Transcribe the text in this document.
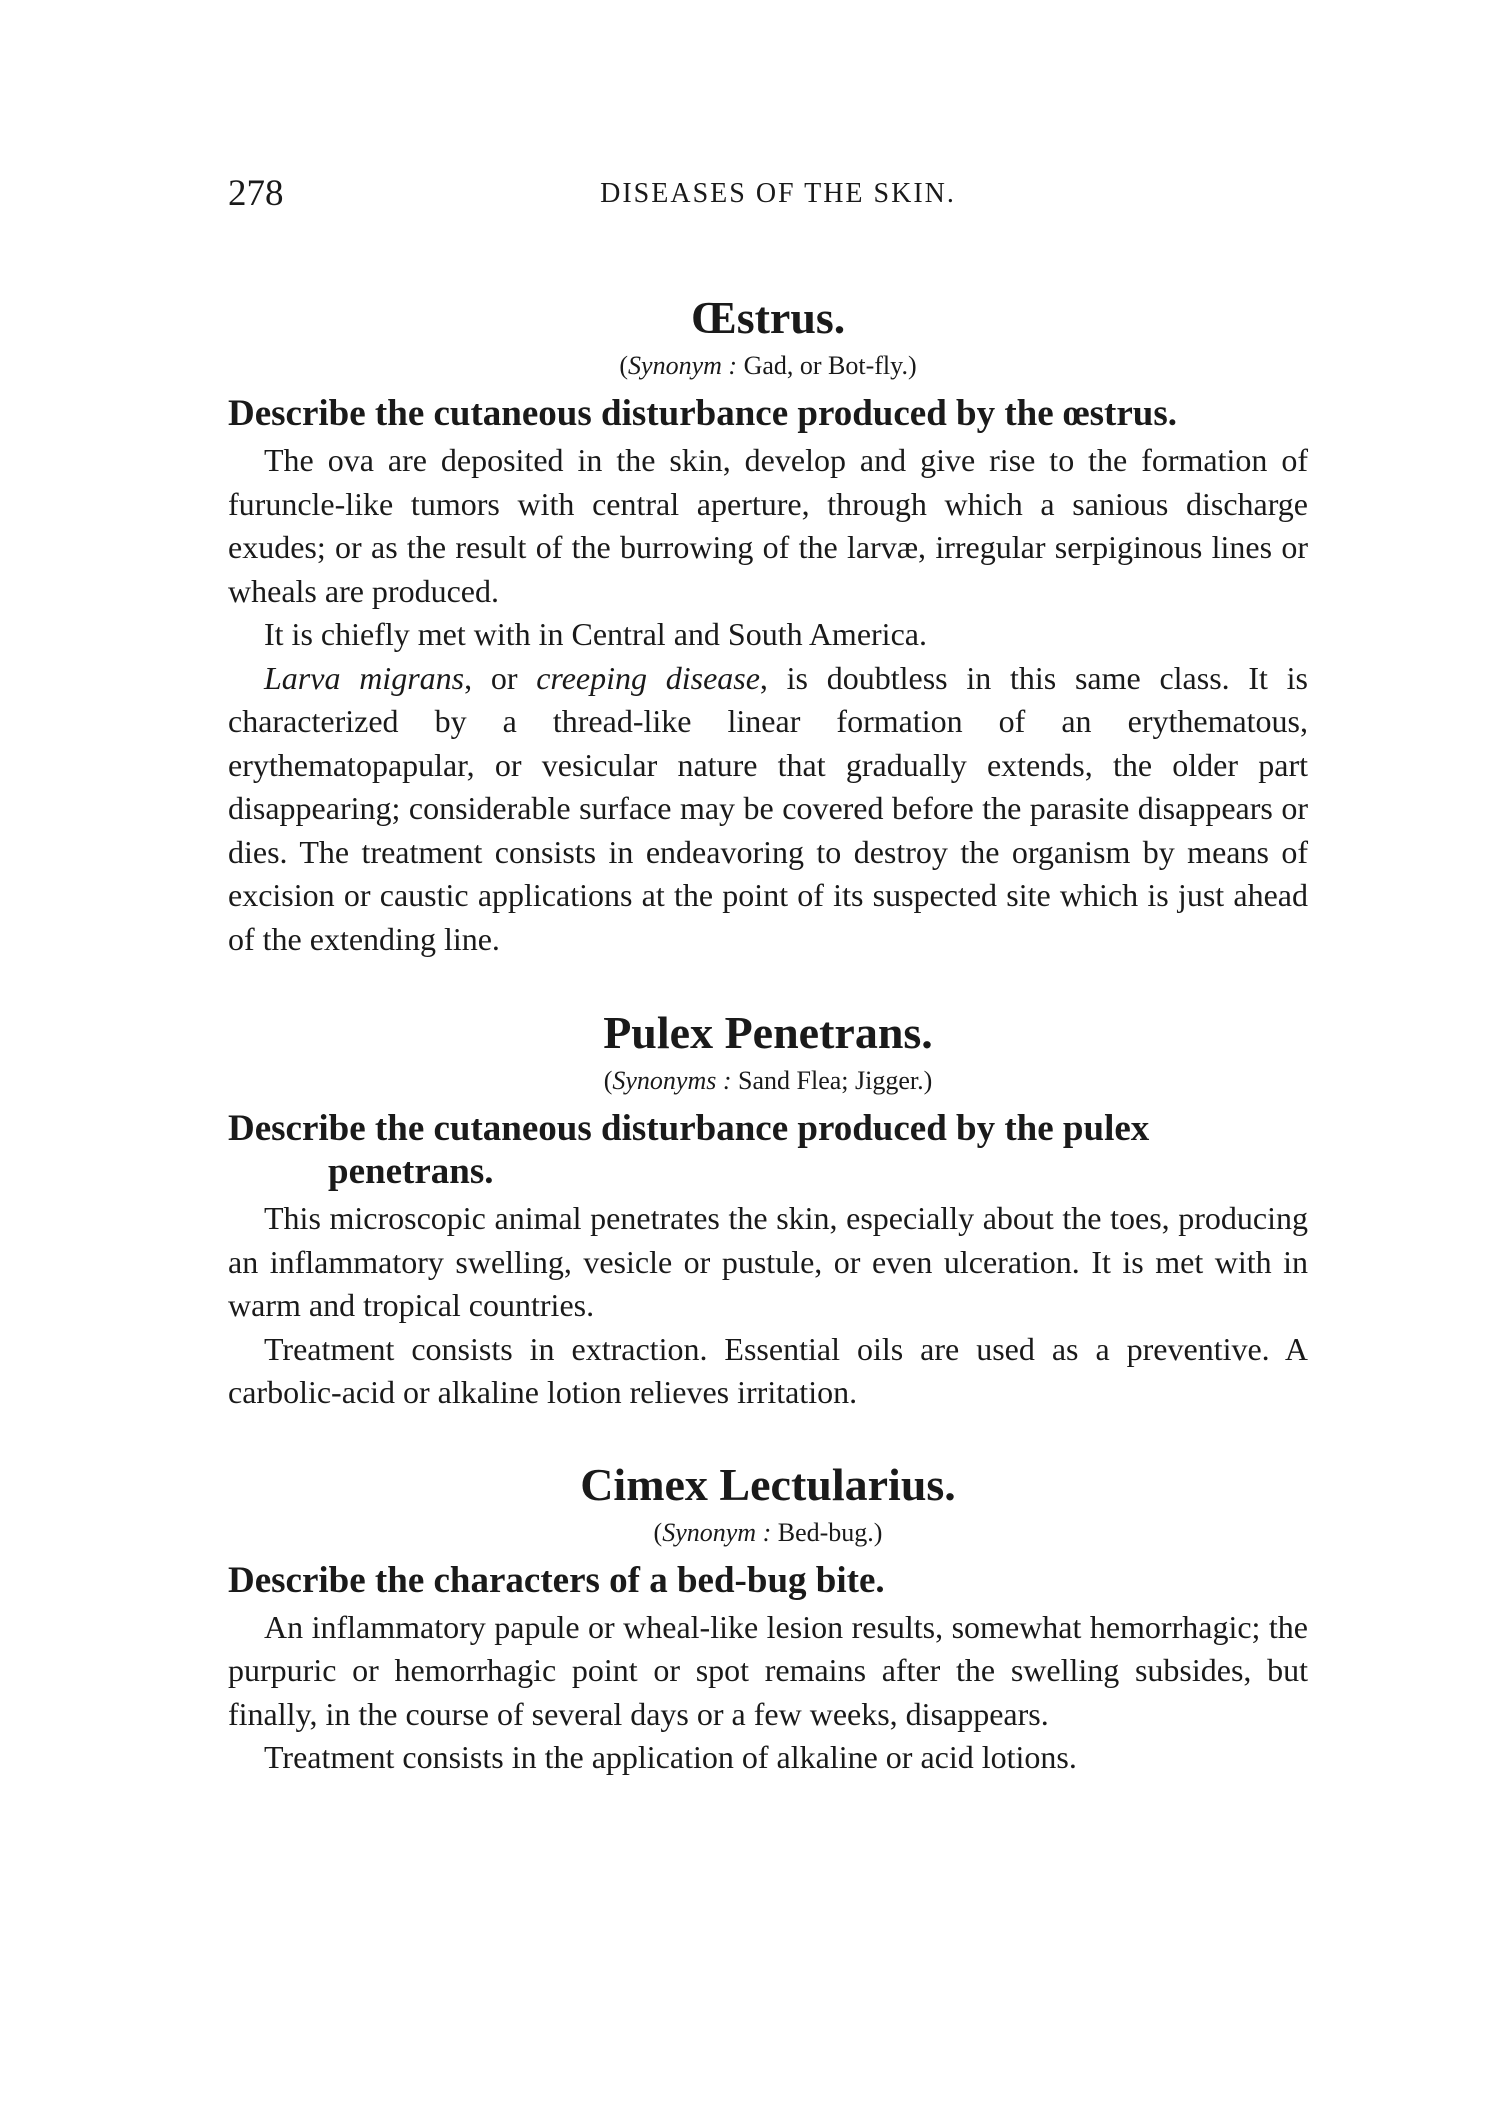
278	DISEASES OF THE SKIN.
Œstrus.

(Synonym : Gad, or Bot-fly.)

Describe the cutaneous disturbance produced by the œstrus.

The ova are deposited in the skin, develop and give rise to the formation of furuncle-like tumors with central aperture, through which a sanious discharge exudes; or as the result of the burrowing of the larvæ, irregular serpiginous lines or wheals are produced.

It is chiefly met with in Central and South America.

Larva migrans, or creeping disease, is doubtless in this same class. It is characterized by a thread-like linear formation of an erythematous, erythematopapular, or vesicular nature that gradually extends, the older part disappearing; considerable surface may be covered before the parasite disappears or dies. The treatment consists in endeavoring to destroy the organism by means of excision or caustic applications at the point of its suspected site which is just ahead of the extending line.

Pulex Penetrans.

(Synonyms : Sand Flea; Jigger.)

Describe the cutaneous disturbance produced by the pulex penetrans.

This microscopic animal penetrates the skin, especially about the toes, producing an inflammatory swelling, vesicle or pustule, or even ulceration. It is met with in warm and tropical countries.

Treatment consists in extraction. Essential oils are used as a preventive. A carbolic-acid or alkaline lotion relieves irritation.

Cimex Lectularius.

(Synonym : Bed-bug.)

Describe the characters of a bed-bug bite.

An inflammatory papule or wheal-like lesion results, somewhat hemorrhagic; the purpuric or hemorrhagic point or spot remains after the swelling subsides, but finally, in the course of several days or a few weeks, disappears.

Treatment consists in the application of alkaline or acid lotions.
